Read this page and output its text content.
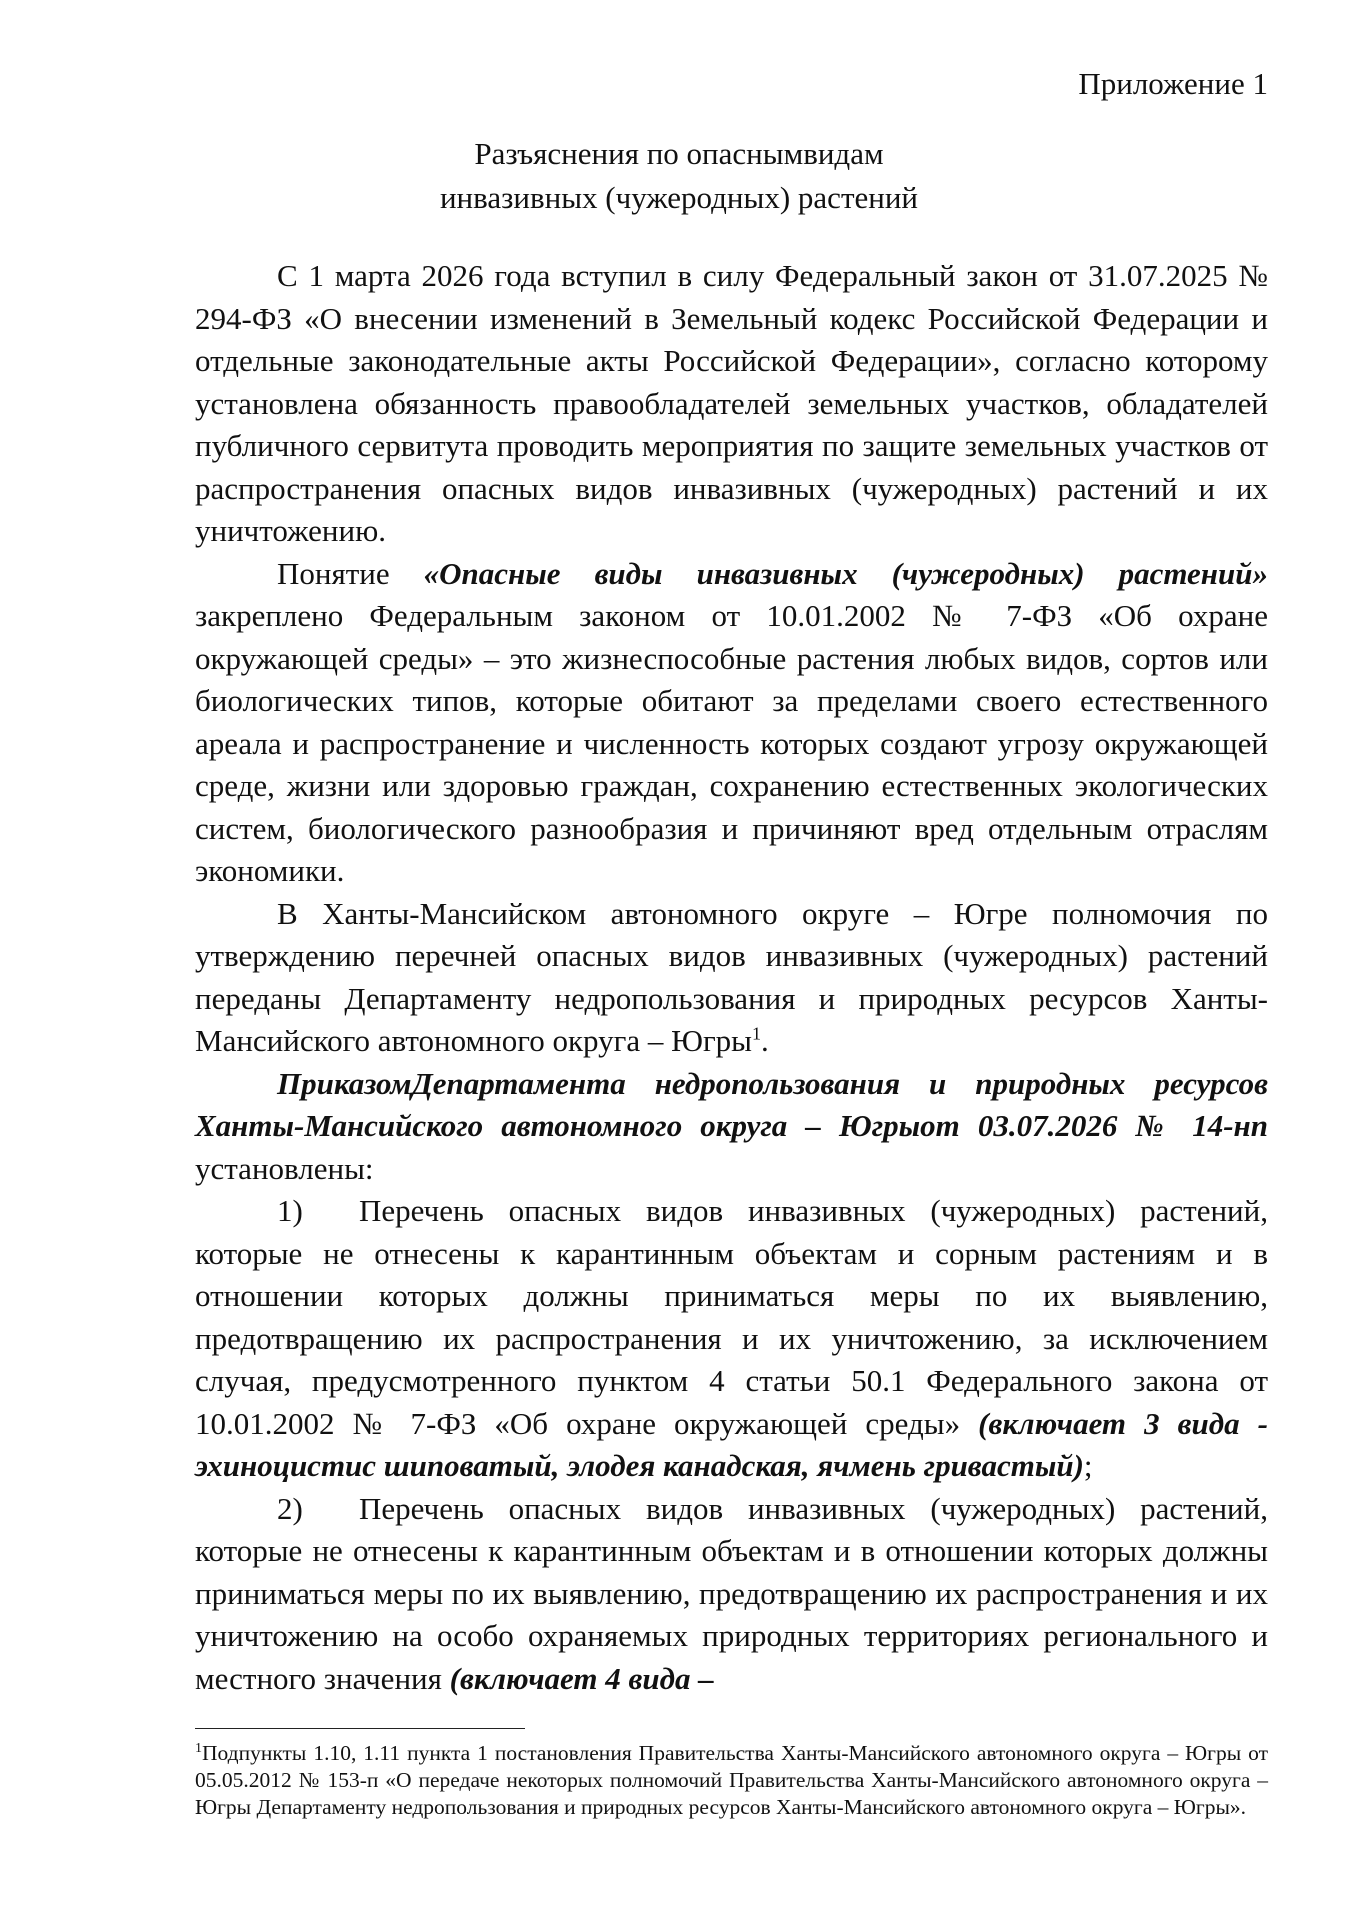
Приложение 1
Разъяснения по опаснымвидам
инвазивных (чужеродных) растений

С 1 марта 2026 года вступил в силу Федеральный закон от 31.07.2025 № 294-ФЗ «О внесении изменений в Земельный кодекс Российской Федерации и отдельные законодательные акты Российской Федерации», согласно которому установлена обязанность правообладателей земельных участков, обладателей публичного сервитута проводить мероприятия по защите земельных участков от распространения опасных видов инвазивных (чужеродных) растений и их уничтожению.

Понятие «Опасные виды инвазивных (чужеродных) растений» закреплено Федеральным законом от 10.01.2002 № 7-ФЗ «Об охране окружающей среды» – это жизнеспособные растения любых видов, сортов или биологических типов, которые обитают за пределами своего естественного ареала и распространение и численность которых создают угрозу окружающей среде, жизни или здоровью граждан, сохранению естественных экологических систем, биологического разнообразия и причиняют вред отдельным отраслям экономики.

В Ханты-Мансийском автономного округе – Югре полномочия по утверждению перечней опасных видов инвазивных (чужеродных) растений переданы Департаменту недропользования и природных ресурсов Ханты-Мансийского автономного округа – Югры$^1$.

ПриказомДепартамента недропользования и природных ресурсов Ханты-Мансийского автономного округа – Югрыот 03.07.2026 № 14-нп установлены:

1) Перечень опасных видов инвазивных (чужеродных) растений, которые не отнесены к карантинным объектам и сорным растениям и в отношении которых должны приниматься меры по их выявлению, предотвращению их распространения и их уничтожению, за исключением случая, предусмотренного пунктом 4 статьи 50.1 Федерального закона от 10.01.2002 № 7-ФЗ «Об охране окружающей среды» (включает 3 вида - эхиноцистис шиповатый, элодея канадская, ячмень гривастый);

2) Перечень опасных видов инвазивных (чужеродных) растений, которые не отнесены к карантинным объектам и в отношении которых должны приниматься меры по их выявлению, предотвращению их распространения и их уничтожению на особо охраняемых природных территориях регионального и местного значения (включает 4 вида –

$^1$Подпункты 1.10, 1.11 пункта 1 постановления Правительства Ханты-Мансийского автономного округа – Югры от 05.05.2012 № 153-п «О передаче некоторых полномочий Правительства Ханты-Мансийского автономного округа – Югры Департаменту недропользования и природных ресурсов Ханты-Мансийского автономного округа – Югры».
